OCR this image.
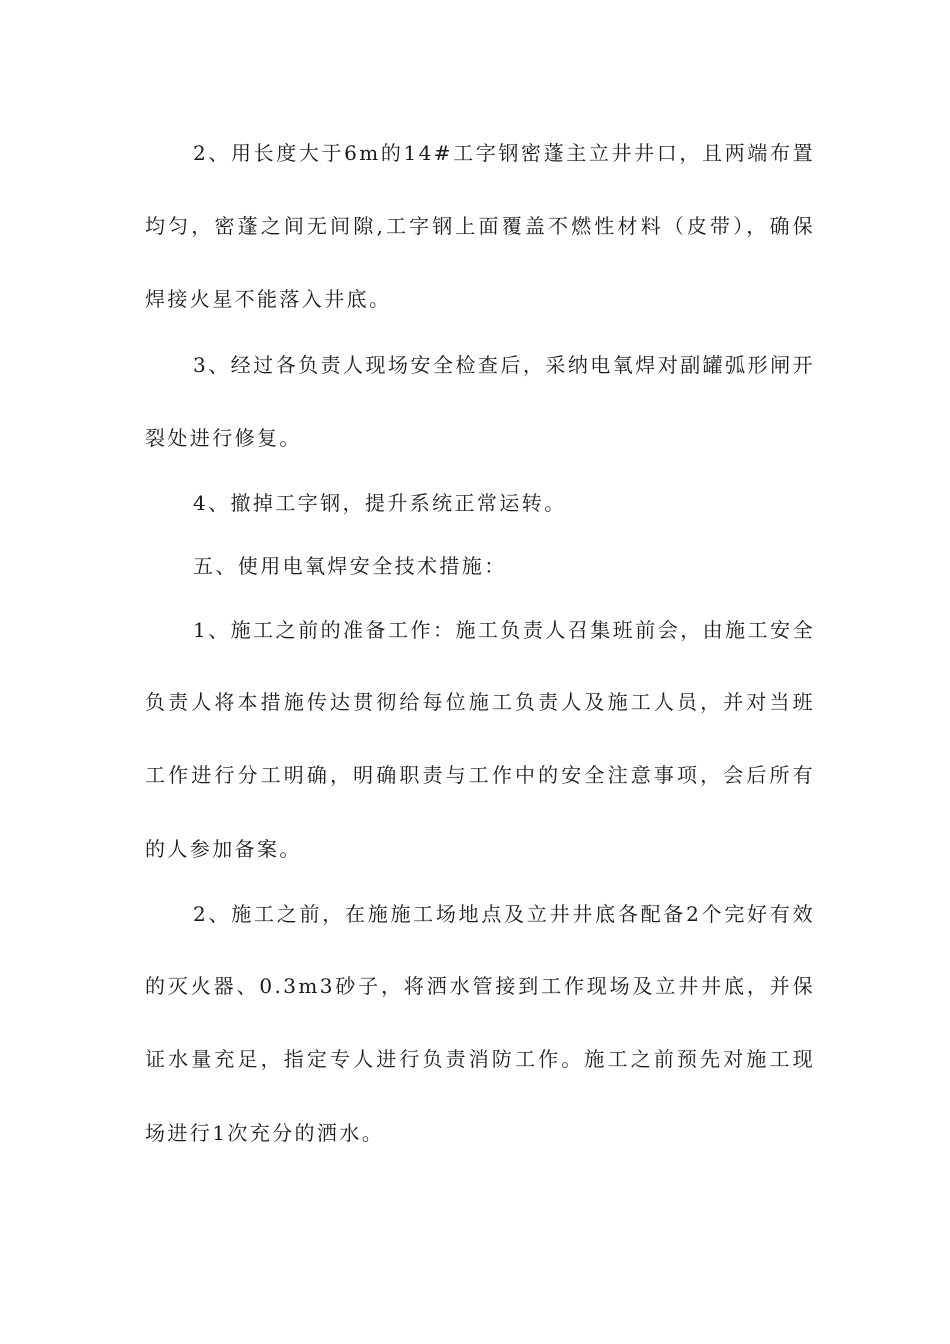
2、用长度大于6m的14#工字钢密蓬主立井井口，且两端布置
均匀，密蓬之间无间隙,工字钢上面覆盖不燃性材料（皮带），确保
焊接火星不能落入井底。
3、经过各负责人现场安全检查后，采纳电氧焊对副罐弧形闸开
裂处进行修复。
4、撤掉工字钢，提升系统正常运转。
五、使用电氧焊安全技术措施：
1、施工之前的准备工作：施工负责人召集班前会，由施工安全
负责人将本措施传达贯彻给每位施工负责人及施工人员，并对当班
工作进行分工明确，明确职责与工作中的安全注意事项，会后所有
的人参加备案。
2、施工之前，在施施工场地点及立井井底各配备2个完好有效
的灭火器、0.3m3砂子，将洒水管接到工作现场及立井井底，并保
证水量充足，指定专人进行负责消防工作。施工之前预先对施工现
场进行1次充分的洒水。
